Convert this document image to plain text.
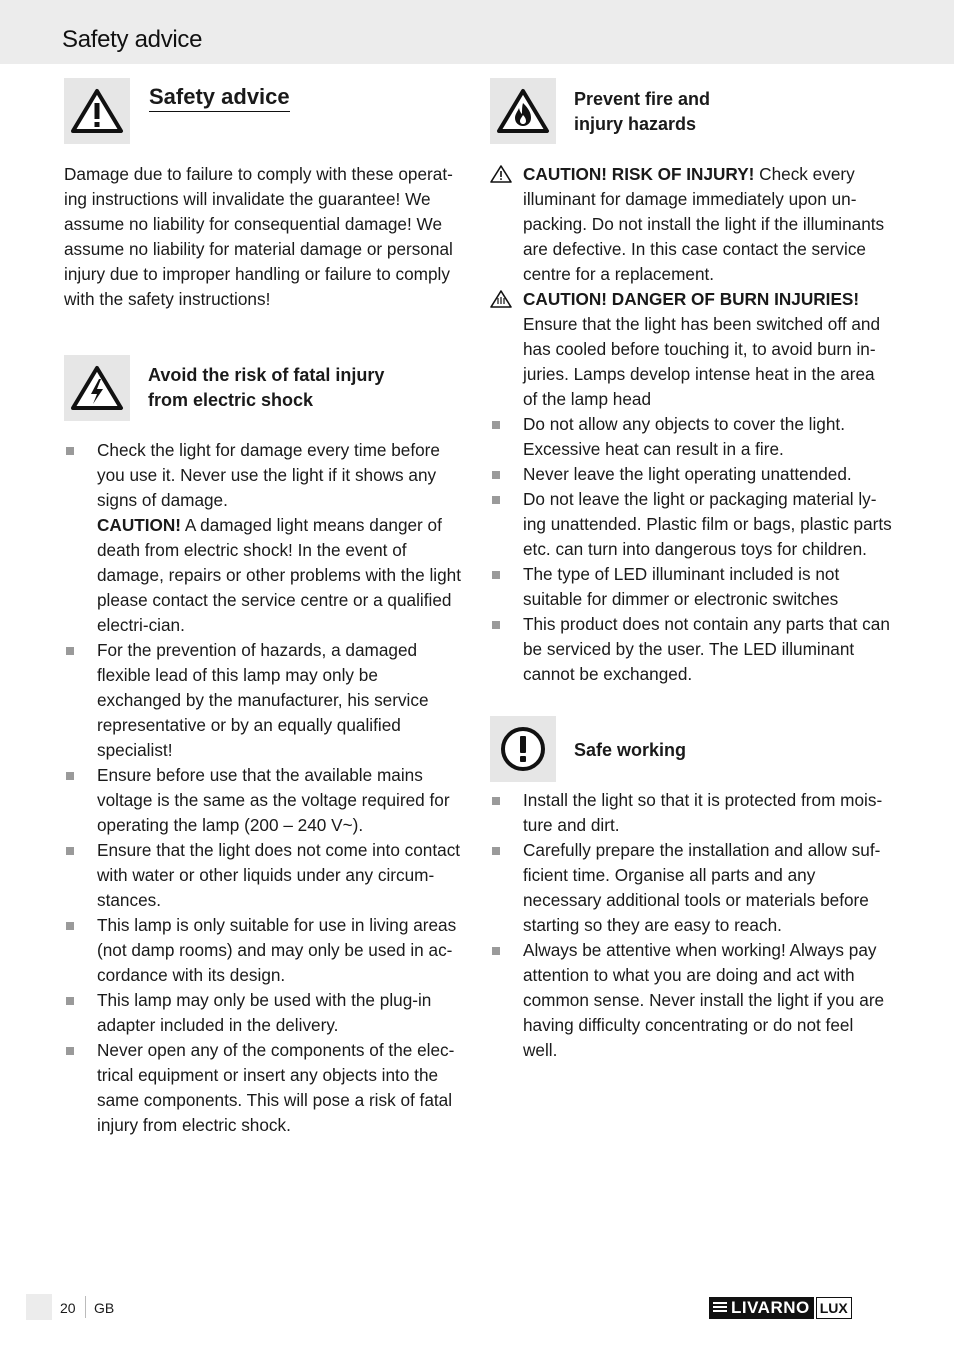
Safety advice
Safety advice
Damage due to failure to comply with these operat-ing instructions will invalidate the guarantee! We assume no liability for consequential damage! We assume no liability for material damage or personal injury due to improper handling or failure to comply with the safety instructions!
Avoid the risk of fatal injury
from electric shock
Check the light for damage every time before you use it. Never use the light if it shows any signs of damage.
CAUTION! A damaged light means danger of death from electric shock! In the event of damage, repairs or other problems with the light please contact the service centre or a qualified electri-cian.
For the prevention of hazards, a damaged flexible lead of this lamp may only be exchanged by the manufacturer, his service representative or by an equally qualified specialist!
Ensure before use that the available mains voltage is the same as the voltage required for operating the lamp (200 – 240 V~).
Ensure that the light does not come into contact with water or other liquids under any circum-stances.
This lamp is only suitable for use in living areas (not damp rooms) and may only be used in ac-cordance with its design.
This lamp may only be used with the plug-in adapter included in the delivery.
Never open any of the components of the elec-trical equipment or insert any objects into the same components. This will pose a risk of fatal injury from electric shock.
Prevent fire and
injury hazards
CAUTION! RISK OF INJURY! Check every illuminant for damage immediately upon un-packing. Do not install the light if the illuminants are defective. In this case contact the service centre for a replacement.
CAUTION! DANGER OF BURN INJURIES! Ensure that the light has been switched off and has cooled before touching it, to avoid burn in-juries. Lamps develop intense heat in the area of the lamp head
Do not allow any objects to cover the light. Excessive heat can result in a fire.
Never leave the light operating unattended.
Do not leave the light or packaging material ly-ing unattended. Plastic film or bags, plastic parts etc. can turn into dangerous toys for children.
The type of LED illuminant included is not suitable for dimmer or electronic switches
This product does not contain any parts that can be serviced by the user. The LED illuminant cannot be exchanged.
Safe working
Install the light so that it is protected from mois-ture and dirt.
Carefully prepare the installation and allow suf-ficient time. Organise all parts and any necessary additional tools or materials before starting so they are easy to reach.
Always be attentive when working! Always pay attention to what you are doing and act with common sense. Never install the light if you are having difficulty concentrating or do not feel well.
20 GB	LIVARNO LUX
